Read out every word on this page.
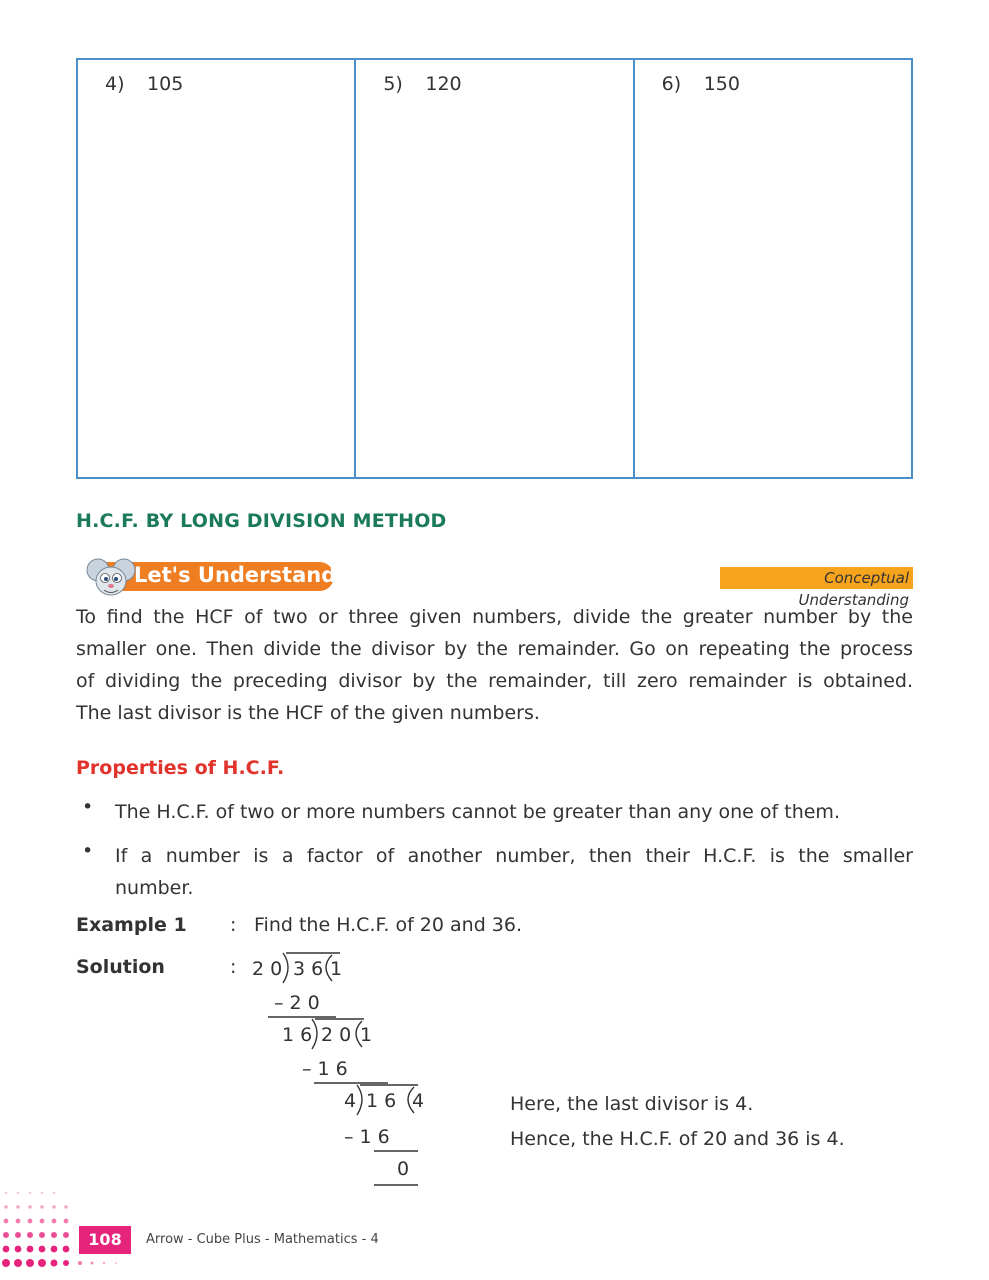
4) 105	5) 120	6) 150
H.C.F. BY LONG DIVISION METHOD
Let's Understand	Conceptual Understanding
To find the HCF of two or three given numbers, divide the greater number by the
smaller one. Then divide the divisor by the remainder. Go on repeating the process
of dividing the preceding divisor by the remainder, till zero remainder is obtained.
The last divisor is the HCF of the given numbers.
Properties of H.C.F.
• The H.C.F. of two or more numbers cannot be greater than any one of them.
• If a number is a factor of another number, then their H.C.F. is the smaller
number.
Example 1 : Find the H.C.F. of 20 and 36.
Solution	: 2 0 3 6 1
– 2 0
1 6 2 0 1
– 1 6
4 1 6 4
– 1 6
0
Here, the last divisor is 4.
Hence, the H.C.F. of 20 and 36 is 4.
108	Arrow - Cube Plus - Mathematics - 4
